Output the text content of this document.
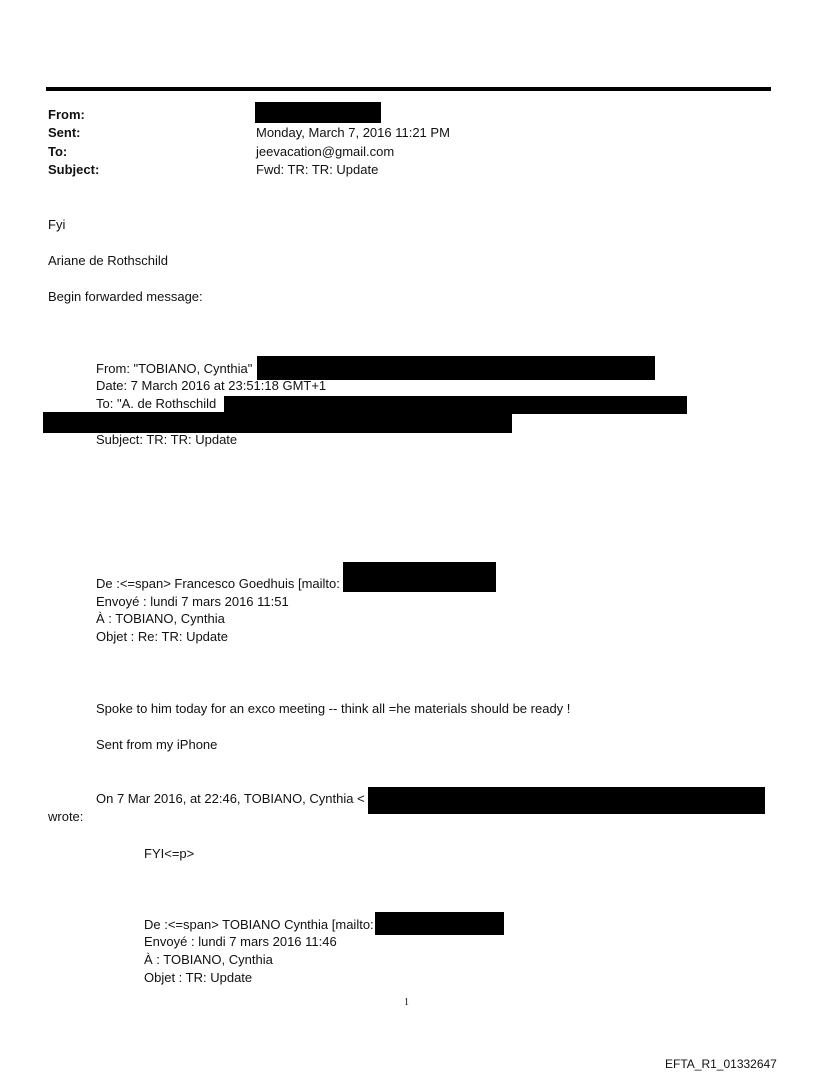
From:
Sent:	Monday, March 7, 2016 11:21 PM
To:	jeevacation@gmail.com
Subject:	Fwd: TR: TR: Update
Fyi
Ariane de Rothschild
Begin forwarded message:
From: "TOBIANO, Cynthia"
Date: 7 March 2016 at 23:51:18 GMT+1
To: "A. de Rothschild
Subject: TR: TR: Update
De :<=span> Francesco Goedhuis [mailto:
Envoyé : lundi 7 mars 2016 11:51
À : TOBIANO, Cynthia
Objet : Re: TR: Update
Spoke to him today for an exco meeting -- think all =he materials should be ready !
Sent from my iPhone
On 7 Mar 2016, at 22:46, TOBIANO, Cynthia <
wrote:
FYI<=p>
De :<=span> TOBIANO Cynthia [mailto:
Envoyé : lundi 7 mars 2016 11:46
À : TOBIANO, Cynthia
Objet : TR: Update
1
EFTA_R1_01332647
